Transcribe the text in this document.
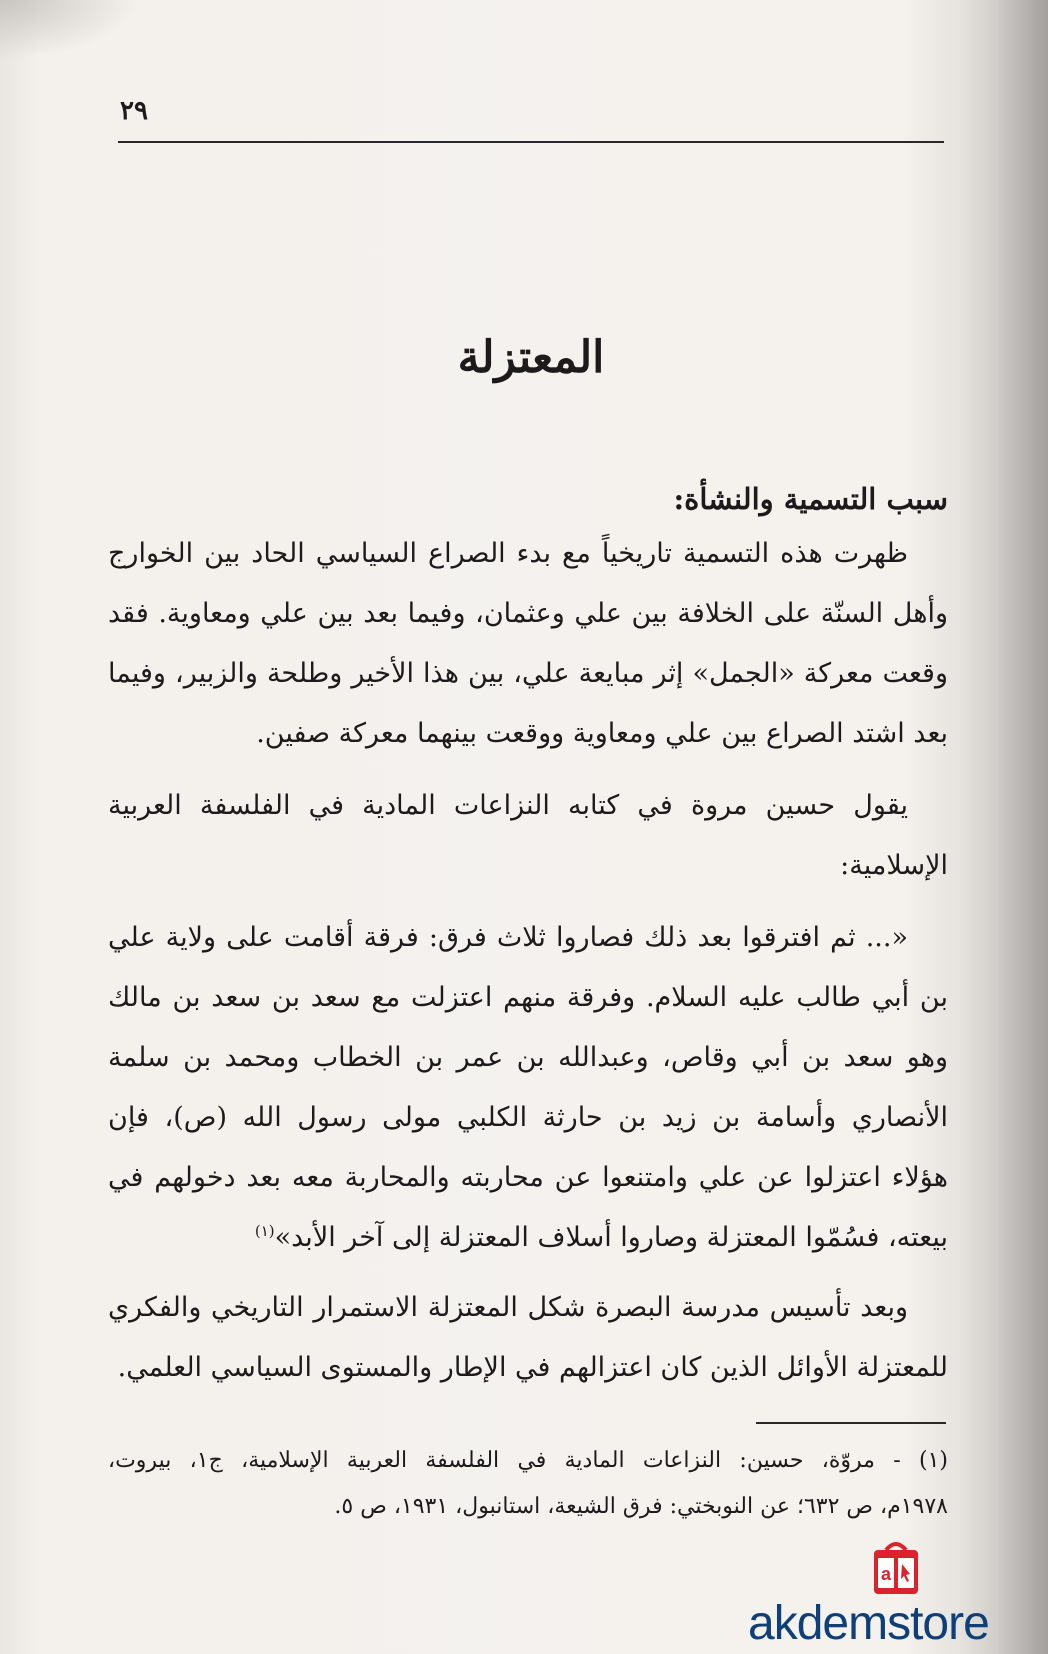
٢٩
المعتزلة
سبب التسمية والنشأة:
ظهرت هذه التسمية تاريخياً مع بدء الصراع السياسي الحاد بين الخوارج
وأهل السنّة على الخلافة بين علي وعثمان، وفيما بعد بين علي ومعاوية. فقد
وقعت معركة «الجمل» إثر مبايعة علي، بين هذا الأخير وطلحة والزبير، وفيما
بعد اشتد الصراع بين علي ومعاوية ووقعت بينهما معركة صفين.
يقول حسين مروة في كتابه النزاعات المادية في الفلسفة العربية
الإسلامية:
«... ثم افترقوا بعد ذلك فصاروا ثلاث فرق: فرقة أقامت على ولاية علي
بن أبي طالب عليه السلام. وفرقة منهم اعتزلت مع سعد بن سعد بن مالك
وهو سعد بن أبي وقاص، وعبدالله بن عمر بن الخطاب ومحمد بن سلمة
الأنصاري وأسامة بن زيد بن حارثة الكلبي مولى رسول الله (ص)، فإن
هؤلاء اعتزلوا عن علي وامتنعوا عن محاربته والمحاربة معه بعد دخولهم في
بيعته، فسُمّوا المعتزلة وصاروا أسلاف المعتزلة إلى آخر الأبد»$^{(١)}$
وبعد تأسيس مدرسة البصرة شكل المعتزلة الاستمرار التاريخي والفكري
للمعتزلة الأوائل الذين كان اعتزالهم في الإطار والمستوى السياسي العلمي.
(١) - مروّة، حسين: النزاعات المادية في الفلسفة العربية الإسلامية، ج١، بيروت،
١٩٧٨م، ص ٦٣٢؛ عن النوبختي: فرق الشيعة، استانبول، ١٩٣١، ص ٥.
a
akdemstore
